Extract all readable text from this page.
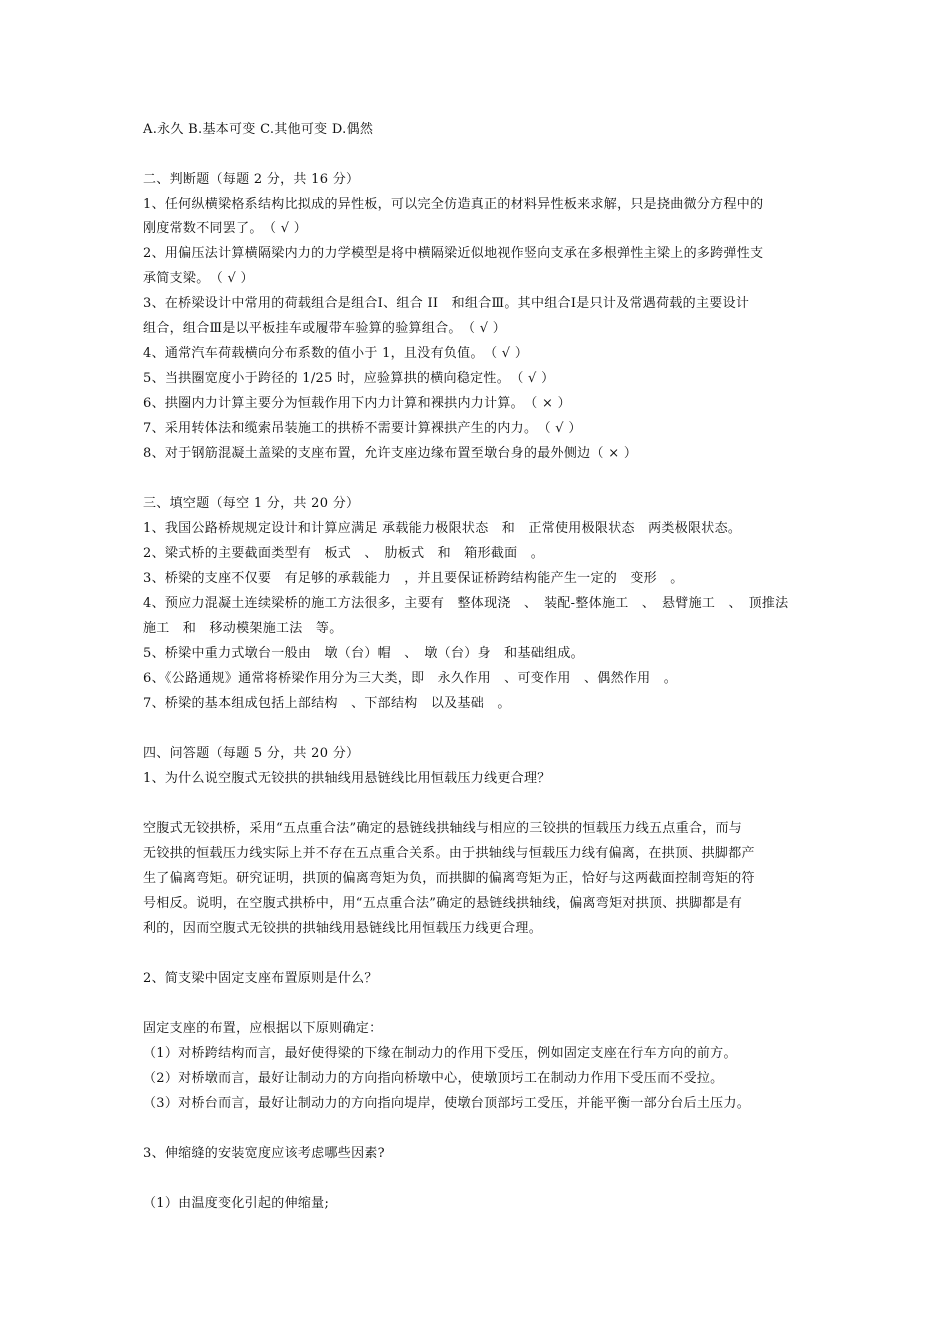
A.永久 B.基本可变 C.其他可变 D.偶然
二、判断题（每题 2 分，共 16 分）
1、任何纵横梁格系结构比拟成的异性板，可以完全仿造真正的材料异性板来求解，只是挠曲微分方程中的
刚度常数不同罢了。　（ √ ）
2、用偏压法计算横隔梁内力的力学模型是将中横隔梁近似地视作竖向支承在多根弹性主梁上的多跨弹性支
承简支梁。　（ √ ）
3、在桥梁设计中常用的荷载组合是组合Ⅰ、组合 II　和组合Ⅲ。其中组合Ⅰ是只计及常遇荷载的主要设计
组合，组合Ⅲ是以平板挂车或履带车验算的验算组合。　（ √ ）
4、通常汽车荷载横向分布系数的值小于 1，且没有负值。　（ √ ）
5、当拱圈宽度小于跨径的 1/25 时，应验算拱的横向稳定性。　（ √ ）
6、拱圈内力计算主要分为恒载作用下内力计算和裸拱内力计算。　（ × ）
7、采用转体法和缆索吊装施工的拱桥不需要计算裸拱产生的内力。　（ √ ）
8、对于钢筋混凝土盖梁的支座布置，允许支座边缘布置至墩台身的最外侧边（ × ）
三、填空题（每空 1 分，共 20 分）
1、我国公路桥规规定设计和计算应满足 承载能力极限状态　和　正常使用极限状态　两类极限状态。
2、梁式桥的主要截面类型有　板式　、　肋板式　和　箱形截面　。
3、桥梁的支座不仅要　有足够的承载能力　，并且要保证桥跨结构能产生一定的　变形　。
4、预应力混凝土连续梁桥的施工方法很多，主要有　整体现浇　、　装配-整体施工　、　悬臂施工　、　顶推法
施工　和　移动模架施工法　等。
5、桥梁中重力式墩台一般由　墩（台）帽　、　墩（台）身　和基础组成。
6、《公路通规》通常将桥梁作用分为三大类，即　永久作用　、可变作用　、偶然作用　。
7、桥梁的基本组成包括上部结构　、下部结构　以及基础　。
四、问答题（每题 5 分，共 20 分）
1、为什么说空腹式无铰拱的拱轴线用悬链线比用恒载压力线更合理？
空腹式无铰拱桥，采用“五点重合法”确定的悬链线拱轴线与相应的三铰拱的恒载压力线五点重合，而与
无铰拱的恒载压力线实际上并不存在五点重合关系。由于拱轴线与恒载压力线有偏离，在拱顶、拱脚都产
生了偏离弯矩。研究证明，拱顶的偏离弯矩为负，而拱脚的偏离弯矩为正，恰好与这两截面控制弯矩的符
号相反。说明，在空腹式拱桥中，用“五点重合法”确定的悬链线拱轴线，偏离弯矩对拱顶、拱脚都是有
利的，因而空腹式无铰拱的拱轴线用悬链线比用恒载压力线更合理。
2、简支梁中固定支座布置原则是什么？
固定支座的布置，应根据以下原则确定：
（1）对桥跨结构而言，最好使得梁的下缘在制动力的作用下受压，例如固定支座在行车方向的前方。
（2）对桥墩而言，最好让制动力的方向指向桥墩中心，使墩顶圬工在制动力作用下受压而不受拉。
（3）对桥台而言，最好让制动力的方向指向堤岸，使墩台顶部圬工受压，并能平衡一部分台后土压力。
3、伸缩缝的安装宽度应该考虑哪些因素?
（1）由温度变化引起的伸缩量;
